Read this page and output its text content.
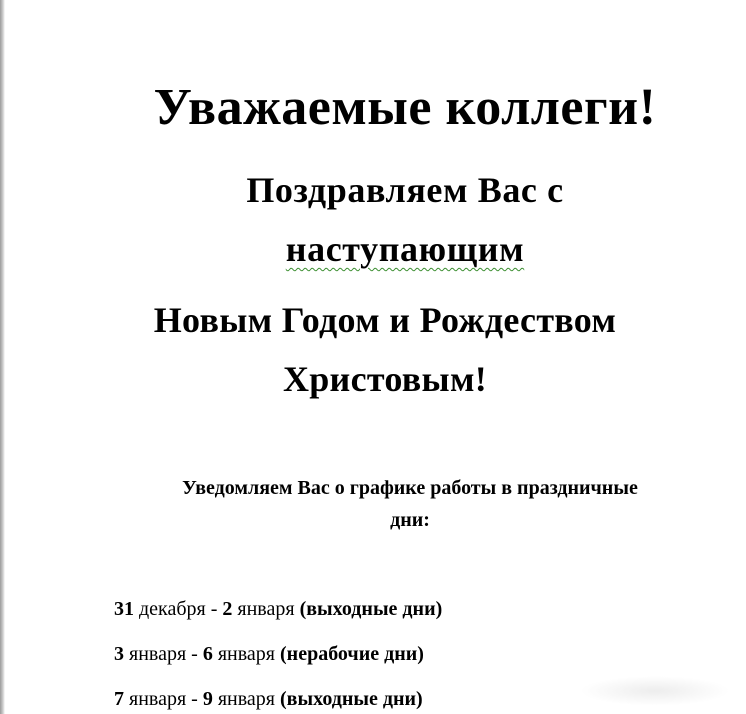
Уважаемые коллеги!
Поздравляем Вас с
наступающим
Новым Годом и Рождеством
Христовым!

Уведомляем Вас о графике работы в праздничные

дни:

31 декабря - 2 января (выходные дни)
3 января - 6 января (нерабочие дни)
7 января - 9 января (выходные дни)
